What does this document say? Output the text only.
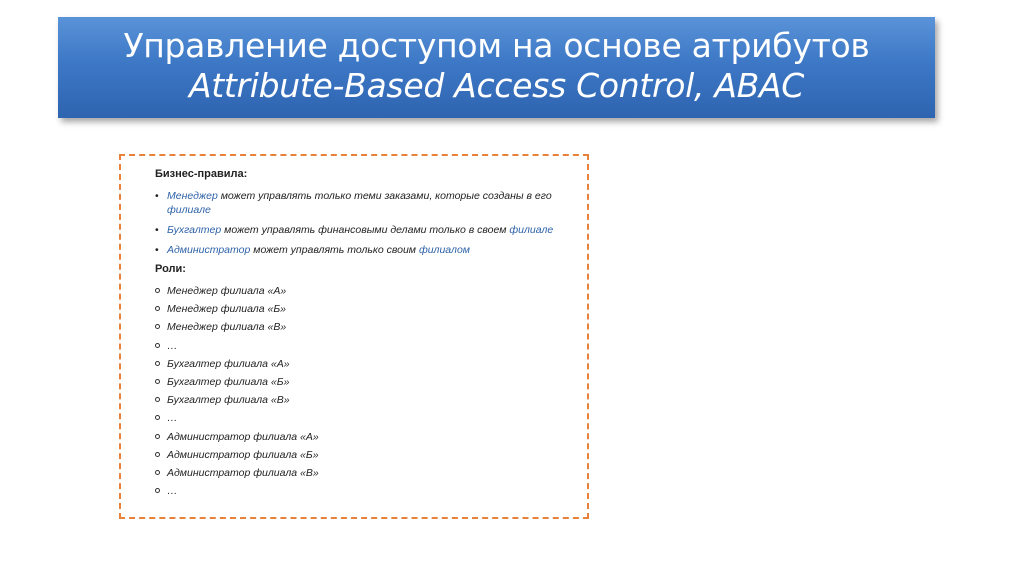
Управление доступом на основе атрибутов
Attribute-Based Access Control, ABAC
Бизнес-правила:
• Менеджер может управлять только теми заказами, которые созданы в его филиале
• Бухгалтер может управлять финансовыми делами только в своем филиале
• Администратор может управлять только своим филиалом
Роли:
Менеджер филиала «А»
Менеджер филиала «Б»
Менеджер филиала «В»
…
Бухгалтер филиала «А»
Бухгалтер филиала «Б»
Бухгалтер филиала «В»
…
Администратор филиала «А»
Администратор филиала «Б»
Администратор филиала «В»
…
